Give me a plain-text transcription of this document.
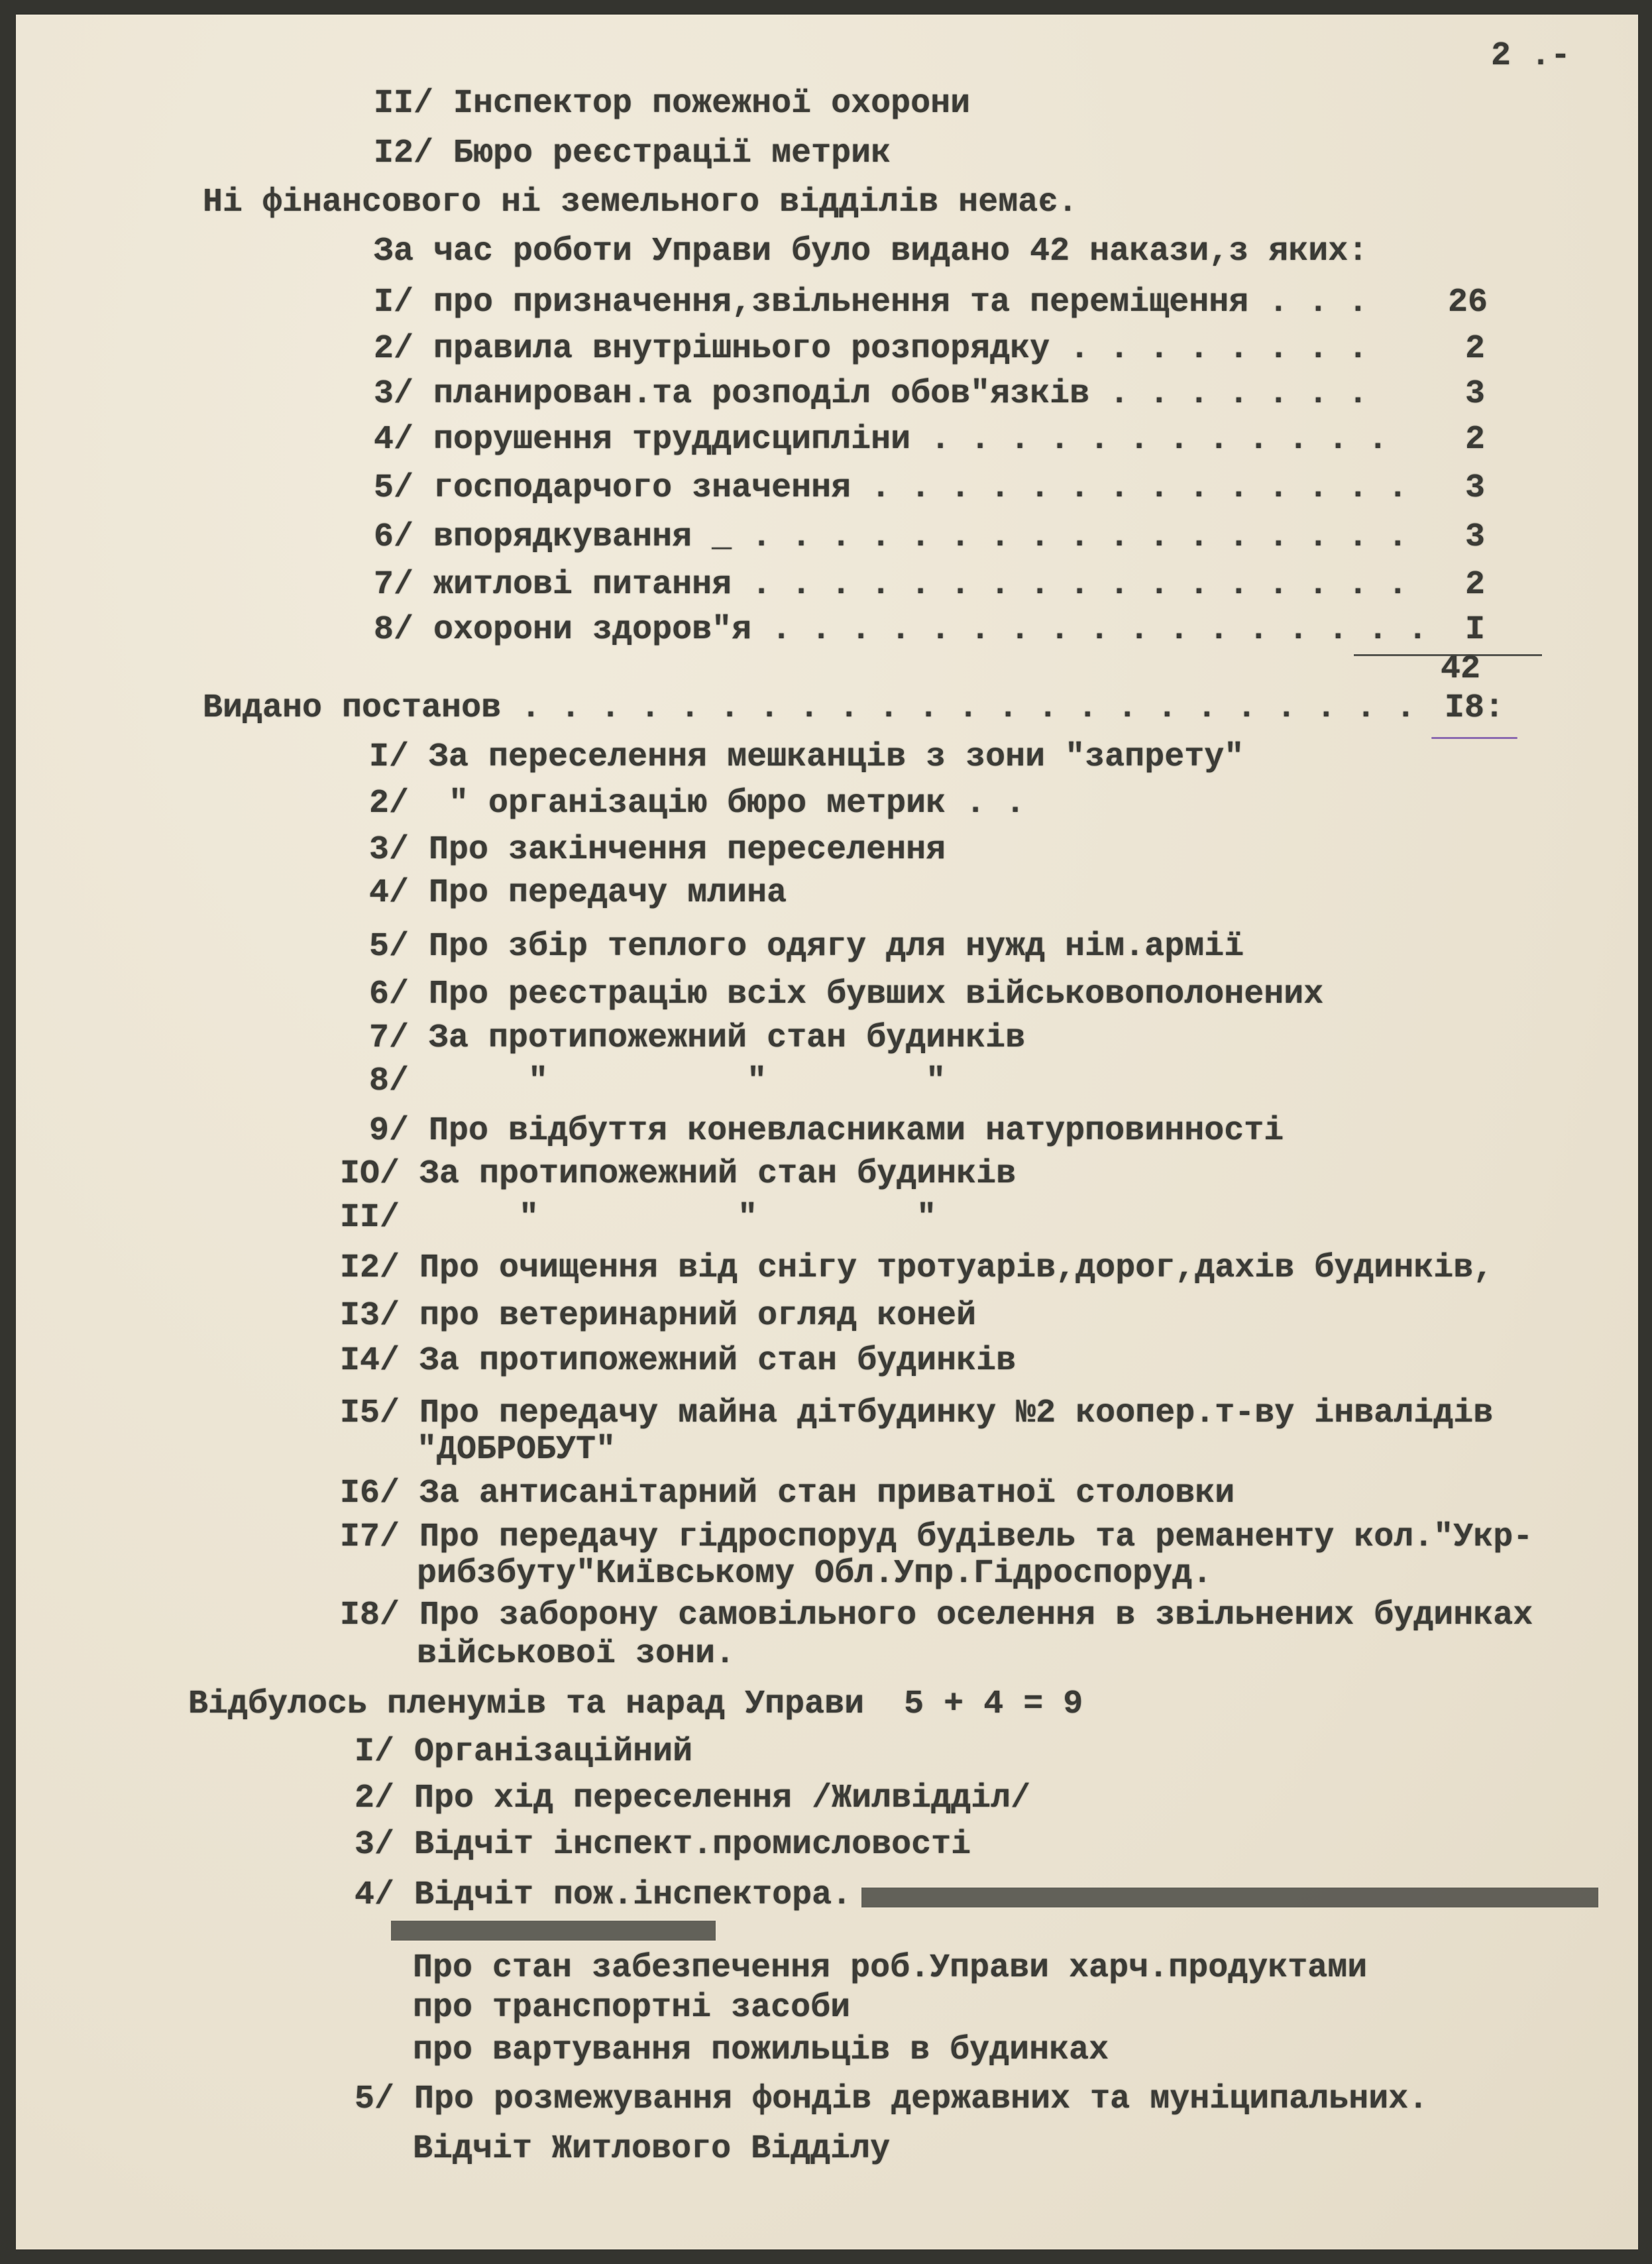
2 .-
II/ Інспектор пожежної охорони
I2/ Бюро реєстрації метрик
Ні фінансового ні земельного відділів немає.
За час роботи Управи було видано 42 накази,з яких:
I/ про призначення,звільнення та переміщення . . . 26
2/ правила внутрішнього розпорядку . . . . . . . .	2
3/ планирован.та розподіл обов"язків . . . . . . .	3
4/ порушення труддисципліни . . . . . . . . . . . . 2
5/ господарчого значення . . . . . . . . . . . . . . 3
6/ впорядкування _ . . . . . . . . . . . . . . . . . 3
7/ житлові питання . . . . . . . . . . . . . . . . . 2
8/ охорони здоров"я . . . . . . . . . . . . . . . . . I
42
Видано постанов . . . . . . . . . . . . . . . . . . . . . . . I8:
I/ За переселення мешканців з зони "запрету"
2/  " організацію бюро метрик . .
3/ Про закінчення переселення
4/ Про передачу млина
5/ Про збір теплого одягу для нужд нім.армії
6/ Про реєстрацію всіх бувших військовополонених
7/ За протипожежний стан будинків
8/      "          "        "
9/ Про відбуття коневласниками натурповинності
IO/ За протипожежний стан будинків
II/      "          "        "
I2/ Про очищення від снігу тротуарів,дорог,дахів будинків,
I3/ про ветеринарний огляд коней
I4/ За протипожежний стан будинків
I5/ Про передачу майна дітбудинку №2 коопер.т-ву інвалідів
"ДОБРОБУТ"
I6/ За антисанітарний стан приватної столовки
I7/ Про передачу гідроспоруд будівель та реманенту кол."Укр-
рибзбуту"Київському Обл.Упр.Гідроспоруд.
I8/ Про заборону самовільного оселення в звільнених будинках
військової зони.
Відбулось пленумів та нарад Управи  5 + 4 = 9
I/ Організаційний
2/ Про хід переселення /Жилвідділ/
3/ Відчіт інспект.промисловості
4/ Відчіт пож.інспектора.
Про стан забезпечення роб.Управи харч.продуктами
про транспортні засоби
про вартування пожильців в будинках
5/ Про розмежування фондів державних та муніципальних.
Відчіт Житлового Відділу
